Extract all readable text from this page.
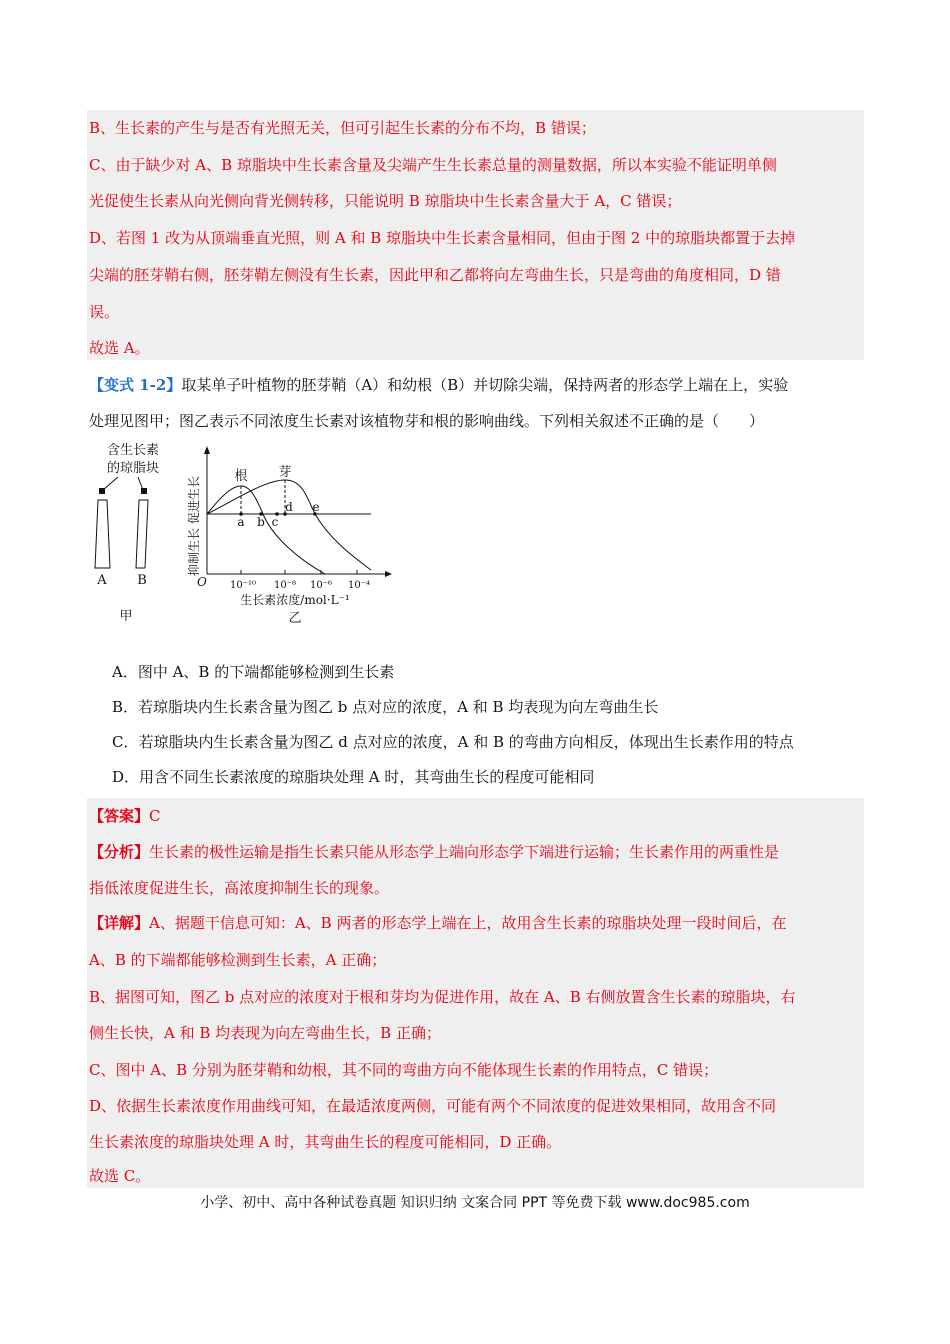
B、生长素的产生与是否有光照无关，但可引起生长素的分布不均，B 错误；
C、由于缺少对 A、B 琼脂块中生长素含量及尖端产生生长素总量的测量数据，所以本实验不能证明单侧
光促使生长素从向光侧向背光侧转移，只能说明 B 琼脂块中生长素含量大于 A，C 错误；
D、若图 1 改为从顶端垂直光照，则 A 和 B 琼脂块中生长素含量相同，但由于图 2 中的琼脂块都置于去掉
尖端的胚芽鞘右侧，胚芽鞘左侧没有生长素，因此甲和乙都将向左弯曲生长，只是弯曲的角度相同，D 错
误。
故选 A。
【变式 1-2】取某单子叶植物的胚芽鞘（A）和幼根（B）并切除尖端，保持两者的形态学上端在上，实验
处理见图甲；图乙表示不同浓度生长素对该植物芽和根的影响曲线。下列相关叙述不正确的是（　　）
含生长素
的琼脂块
A B
甲
a b c
d e
根 芽
抑制生长 促进生长
O 10⁻¹⁰ 10⁻⁸ 10⁻⁶ 10⁻⁴
生长素浓度/mol·L⁻¹
乙
A．图中 A、B 的下端都能够检测到生长素
B．若琼脂块内生长素含量为图乙 b 点对应的浓度，A 和 B 均表现为向左弯曲生长
C．若琼脂块内生长素含量为图乙 d 点对应的浓度，A 和 B 的弯曲方向相反，体现出生长素作用的特点
D．用含不同生长素浓度的琼脂块处理 A 时，其弯曲生长的程度可能相同
【答案】C
【分析】生长素的极性运输是指生长素只能从形态学上端向形态学下端进行运输；生长素作用的两重性是
指低浓度促进生长，高浓度抑制生长的现象。
【详解】A、据题干信息可知：A、B 两者的形态学上端在上，故用含生长素的琼脂块处理一段时间后，在
A、B 的下端都能够检测到生长素，A 正确；
B、据图可知，图乙 b 点对应的浓度对于根和芽均为促进作用，故在 A、B 右侧放置含生长素的琼脂块，右
侧生长快，A 和 B 均表现为向左弯曲生长，B 正确；
C、图中 A、B 分别为胚芽鞘和幼根，其不同的弯曲方向不能体现生长素的作用特点，C 错误；
D、依据生长素浓度作用曲线可知，在最适浓度两侧，可能有两个不同浓度的促进效果相同，故用含不同
生长素浓度的琼脂块处理 A 时，其弯曲生长的程度可能相同，D 正确。
故选 C。
小学、初中、高中各种试卷真题 知识归纳 文案合同 PPT 等免费下载 www.doc985.com
